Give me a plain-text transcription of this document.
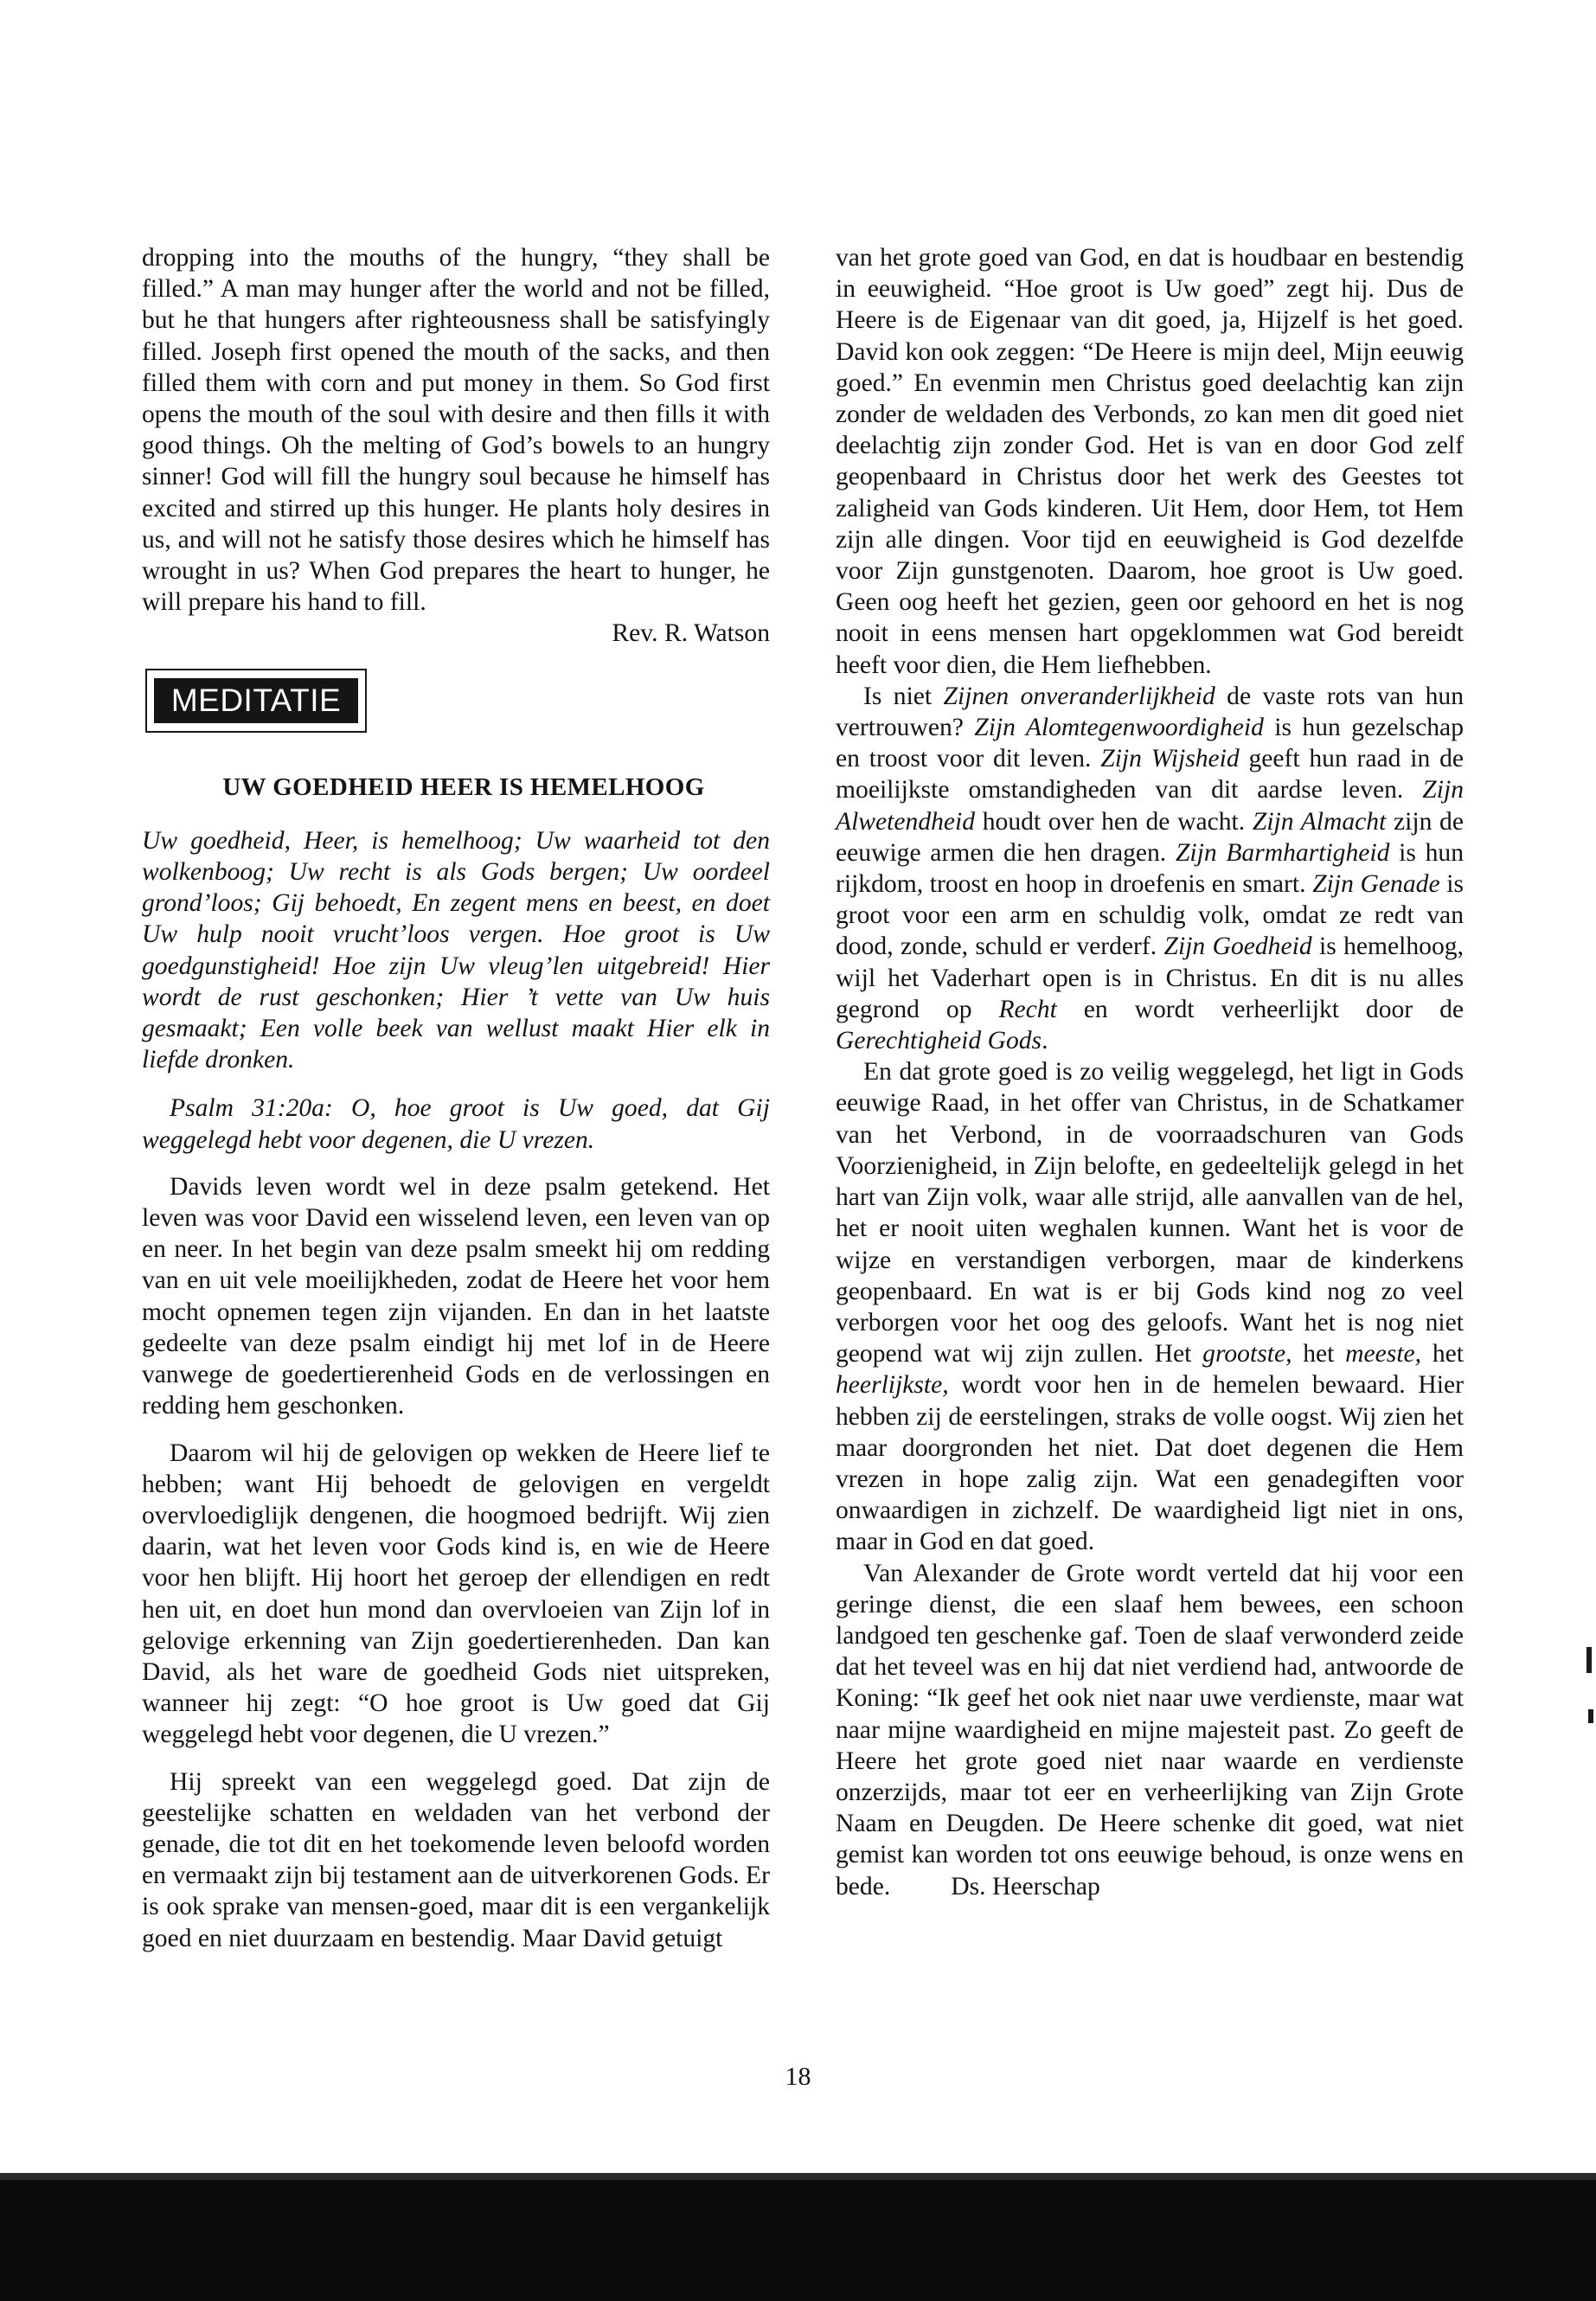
dropping into the mouths of the hungry, “they shall be filled.” A man may hunger after the world and not be filled, but he that hungers after righteousness shall be satisfyingly filled. Joseph first opened the mouth of the sacks, and then filled them with corn and put money in them. So God first opens the mouth of the soul with desire and then fills it with good things. Oh the melting of God’s bowels to an hungry sinner! God will fill the hungry soul because he himself has excited and stirred up this hunger. He plants holy desires in us, and will not he satisfy those desires which he himself has wrought in us? When God prepares the heart to hunger, he will prepare his hand to fill.

Rev. R. Watson
MEDITATIE

UW GOEDHEID HEER IS HEMELHOOG

Uw goedheid, Heer, is hemelhoog; Uw waarheid tot den wolkenboog; Uw recht is als Gods bergen; Uw oordeel grond’loos; Gij behoedt, En zegent mens en beest, en doet Uw hulp nooit vrucht’loos vergen. Hoe groot is Uw goedgunstigheid! Hoe zijn Uw vleug’len uitgebreid! Hier wordt de rust geschonken; Hier ’t vette van Uw huis gesmaakt; Een volle beek van wellust maakt Hier elk in liefde dronken.

Psalm 31:20a: O, hoe groot is Uw goed, dat Gij weggelegd hebt voor degenen, die U vrezen.

Davids leven wordt wel in deze psalm getekend. Het leven was voor David een wisselend leven, een leven van op en neer. In het begin van deze psalm smeekt hij om redding van en uit vele moeilijkheden, zodat de Heere het voor hem mocht opnemen tegen zijn vijanden. En dan in het laatste gedeelte van deze psalm eindigt hij met lof in de Heere vanwege de goedertierenheid Gods en de verlossingen en redding hem geschonken.

Daarom wil hij de gelovigen op wekken de Heere lief te hebben; want Hij behoedt de gelovigen en vergeldt overvloediglijk dengenen, die hoogmoed bedrijft. Wij zien daarin, wat het leven voor Gods kind is, en wie de Heere voor hen blijft. Hij hoort het geroep der ellendigen en redt hen uit, en doet hun mond dan overvloeien van Zijn lof in gelovige erkenning van Zijn goedertierenheden. Dan kan David, als het ware de goedheid Gods niet uitspreken, wanneer hij zegt: “O hoe groot is Uw goed dat Gij weggelegd hebt voor degenen, die U vrezen.”

Hij spreekt van een weggelegd goed. Dat zijn de geestelijke schatten en weldaden van het verbond der genade, die tot dit en het toekomende leven beloofd worden en vermaakt zijn bij testament aan de uitverkorenen Gods. Er is ook sprake van mensen-goed, maar dit is een vergankelijk goed en niet duurzaam en bestendig. Maar David getuigt

van het grote goed van God, en dat is houdbaar en bestendig in eeuwigheid. “Hoe groot is Uw goed” zegt hij. Dus de Heere is de Eigenaar van dit goed, ja, Hijzelf is het goed. David kon ook zeggen: “De Heere is mijn deel, Mijn eeuwig goed.” En evenmin men Christus goed deelachtig kan zijn zonder de weldaden des Verbonds, zo kan men dit goed niet deelachtig zijn zonder God. Het is van en door God zelf geopenbaard in Christus door het werk des Geestes tot zaligheid van Gods kinderen. Uit Hem, door Hem, tot Hem zijn alle dingen. Voor tijd en eeuwigheid is God dezelfde voor Zijn gunstgenoten. Daarom, hoe groot is Uw goed. Geen oog heeft het gezien, geen oor gehoord en het is nog nooit in eens mensen hart opgeklommen wat God bereidt heeft voor dien, die Hem liefhebben.

Is niet Zijnen onveranderlijkheid de vaste rots van hun vertrouwen? Zijn Alomtegenwoordigheid is hun gezelschap en troost voor dit leven. Zijn Wijsheid geeft hun raad in de moeilijkste omstandigheden van dit aardse leven. Zijn Alwetendheid houdt over hen de wacht. Zijn Almacht zijn de eeuwige armen die hen dragen. Zijn Barmhartigheid is hun rijkdom, troost en hoop in droefenis en smart. Zijn Genade is groot voor een arm en schuldig volk, omdat ze redt van dood, zonde, schuld er verderf. Zijn Goedheid is hemelhoog, wijl het Vaderhart open is in Christus. En dit is nu alles gegrond op Recht en wordt verheerlijkt door de Gerechtigheid Gods.

En dat grote goed is zo veilig weggelegd, het ligt in Gods eeuwige Raad, in het offer van Christus, in de Schatkamer van het Verbond, in de voorraadschuren van Gods Voorzienigheid, in Zijn belofte, en gedeeltelijk gelegd in het hart van Zijn volk, waar alle strijd, alle aanvallen van de hel, het er nooit uiten weghalen kunnen. Want het is voor de wijze en verstandigen verborgen, maar de kinderkens geopenbaard. En wat is er bij Gods kind nog zo veel verborgen voor het oog des geloofs. Want het is nog niet geopend wat wij zijn zullen. Het grootste, het meeste, het heerlijkste, wordt voor hen in de hemelen bewaard. Hier hebben zij de eerstelingen, straks de volle oogst. Wij zien het maar doorgronden het niet. Dat doet degenen die Hem vrezen in hope zalig zijn. Wat een genadegiften voor onwaardigen in zichzelf. De waardigheid ligt niet in ons, maar in God en dat goed.

Van Alexander de Grote wordt verteld dat hij voor een geringe dienst, die een slaaf hem bewees, een schoon landgoed ten geschenke gaf. Toen de slaaf verwonderd zeide dat het teveel was en hij dat niet verdiend had, antwoorde de Koning: “Ik geef het ook niet naar uwe verdienste, maar wat naar mijne waardigheid en mijne majesteit past. Zo geeft de Heere het grote goed niet naar waarde en verdienste onzerzijds, maar tot eer en verheerlijking van Zijn Grote Naam en Deugden. De Heere schenke dit goed, wat niet gemist kan worden tot ons eeuwige behoud, is onze wens en bede. Ds. Heerschap

18
